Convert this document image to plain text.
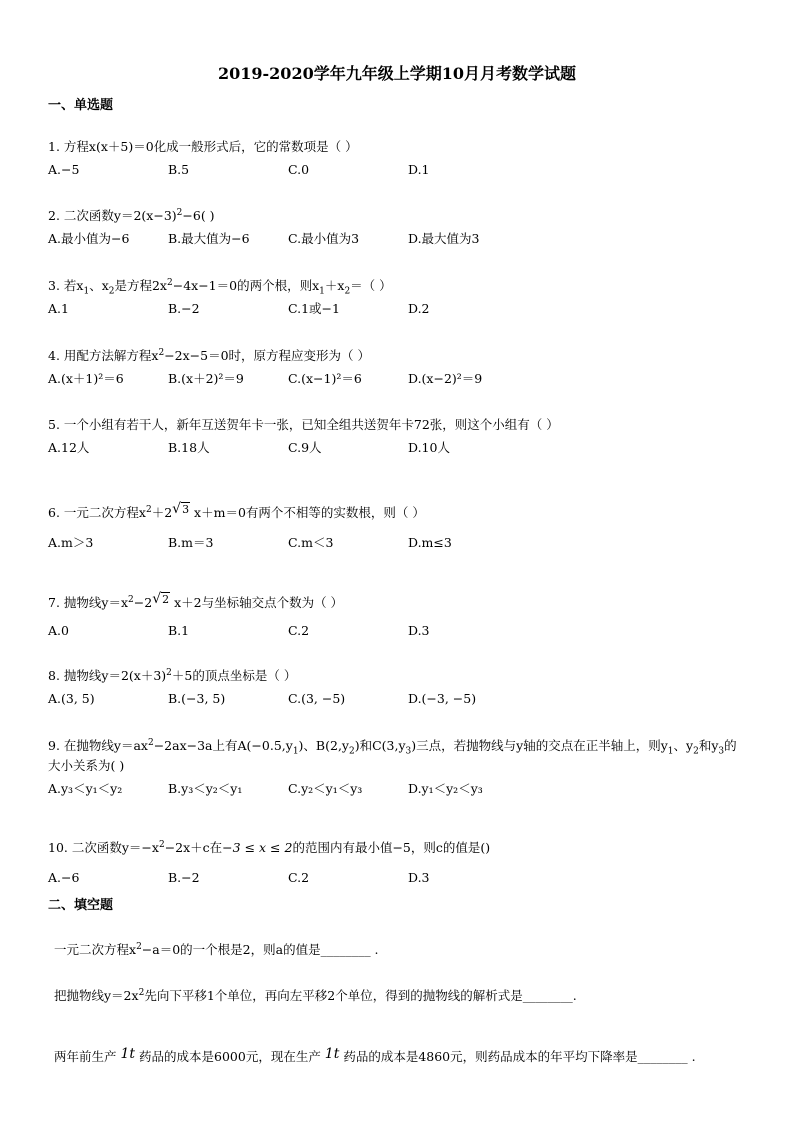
2019-2020学年九年级上学期10月月考数学试题
一、单选题
1. 方程x(x＋5)＝0化成一般形式后，它的常数项是（ ）
A.−5	B.5	C.0	D.1
2. 二次函数$y=2(x-3)^2-6$( )
A.最小值为−6	B.最大值为−6	C.最小值为3	D.最大值为3
3. 若$x_1$、$x_2$是方程$2x^2-4x-1=0$的两个根，则$x_1+x_2=$（ ）
A.1	B.−2	C.1或−1	D.2
4. 用配方法解方程$x^2-2x-5=0$时，原方程应变形为（ ）
A.(x＋1)²＝6	B.(x＋2)²＝9	C.(x−1)²＝6	D.(x−2)²＝9
5. 一个小组有若干人，新年互送贺年卡一张，已知全组共送贺年卡72张，则这个小组有（ ）
A.12人	B.18人	C.9人	D.10人
6. 一元二次方程$x^2+2√3$ x＋m＝0有两个不相等的实数根，则（ ）
A.m＞3	B.m＝3	C.m＜3	D.m≤3
7. 抛物线$y=x^2-2√2$ x＋2与坐标轴交点个数为（ ）
A.0	B.1	C.2	D.3
8. 抛物线$y=2(x+3)^2+5$的顶点坐标是（ ）
A.(3, 5)	B.(−3, 5)	C.(3, −5)	D.(−3, −5)
9. 在抛物线$y=ax^2-2ax-3a$上有$A(-0.5,y_1)$、$B(2,y_2)$和$C(3,y_3)$三点，若抛物线与y轴的交点在正半轴上，则$y_1$、$y_2$和$y_3$的大小关系为( )
A.y₃＜y₁＜y₂	B.y₃＜y₂＜y₁	C.y₂＜y₁＜y₃	D.y₁＜y₂＜y₃
10. 二次函数$y=-x^2-2x+c$在−3 ≤ x ≤ 2的范围内有最小值−5，则c的值是()
A.−6	B.−2	C.2	D.3
二、填空题
一元二次方程$x^2-a=0$的一个根是2，则a的值是________ .
把抛物线$y=2x^2$先向下平移1个单位，再向左平移2个单位，得到的抛物线的解析式是________.
两年前生产 1t 药品的成本是6000元，现在生产 1t 药品的成本是4860元，则药品成本的年平均下降率是________ .
